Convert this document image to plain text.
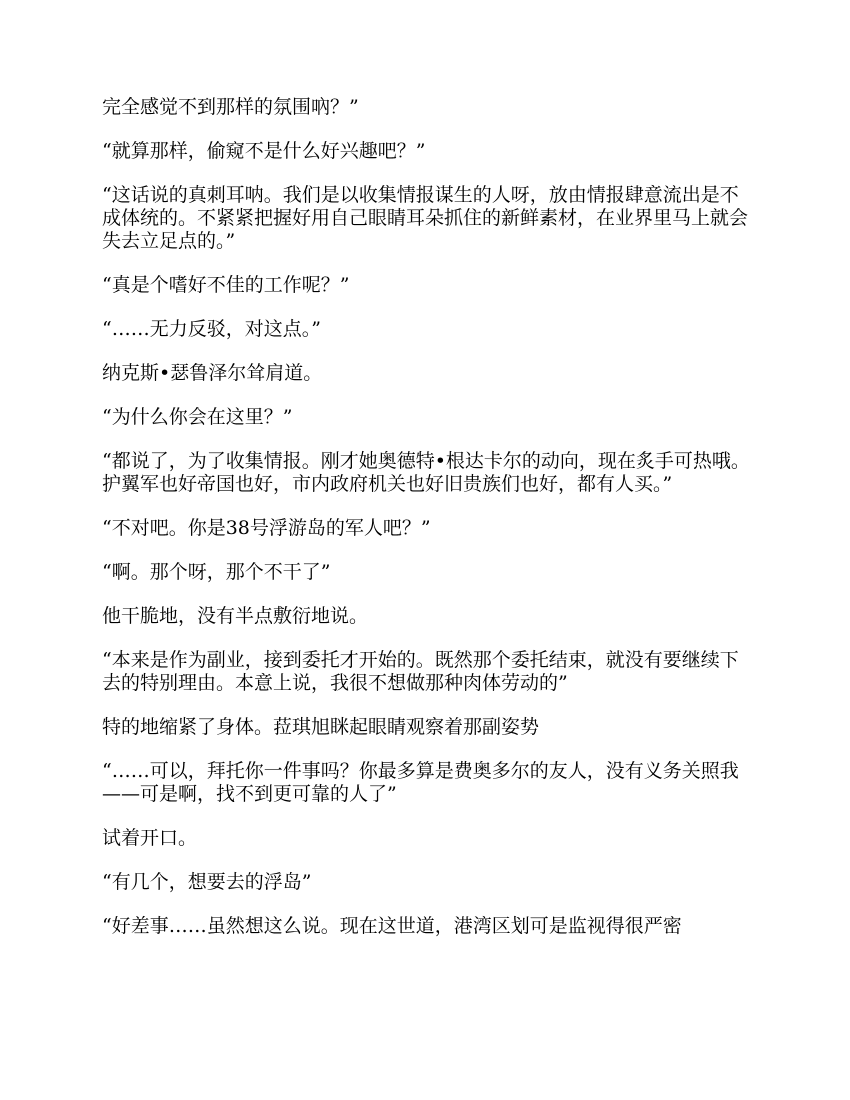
完全感觉不到那样的氛围吶？”

“就算那样，偷窥不是什么好兴趣吧？”

“这话说的真刺耳呐。我们是以收集情报谋生的人呀，放由情报肆意流出是不成体统的。不紧紧把握好用自己眼睛耳朵抓住的新鲜素材，在业界里马上就会失去立足点的。”

“真是个嗜好不佳的工作呢？”

“……无力反驳，对这点。”

纳克斯•瑟鲁泽尔耸肩道。

“为什么你会在这里？”

“都说了，为了收集情报。刚才她奥德特•根达卡尔的动向，现在炙手可热哦。护翼军也好帝国也好，市内政府机关也好旧贵族们也好，都有人买。”

“不对吧。你是38号浮游岛的军人吧？”

“啊。那个呀，那个不干了”

他干脆地，没有半点敷衍地说。

“本来是作为副业，接到委托才开始的。既然那个委托结束，就没有要继续下去的特别理由。本意上说，我很不想做那种肉体劳动的”

特的地缩紧了身体。菈琪旭眯起眼睛观察着那副姿势

“……可以，拜托你一件事吗？你最多算是费奥多尔的友人，没有义务关照我——可是啊，找不到更可靠的人了”

试着开口。

“有几个，想要去的浮岛”

“好差事……虽然想这么说。现在这世道，港湾区划可是监视得很严密
